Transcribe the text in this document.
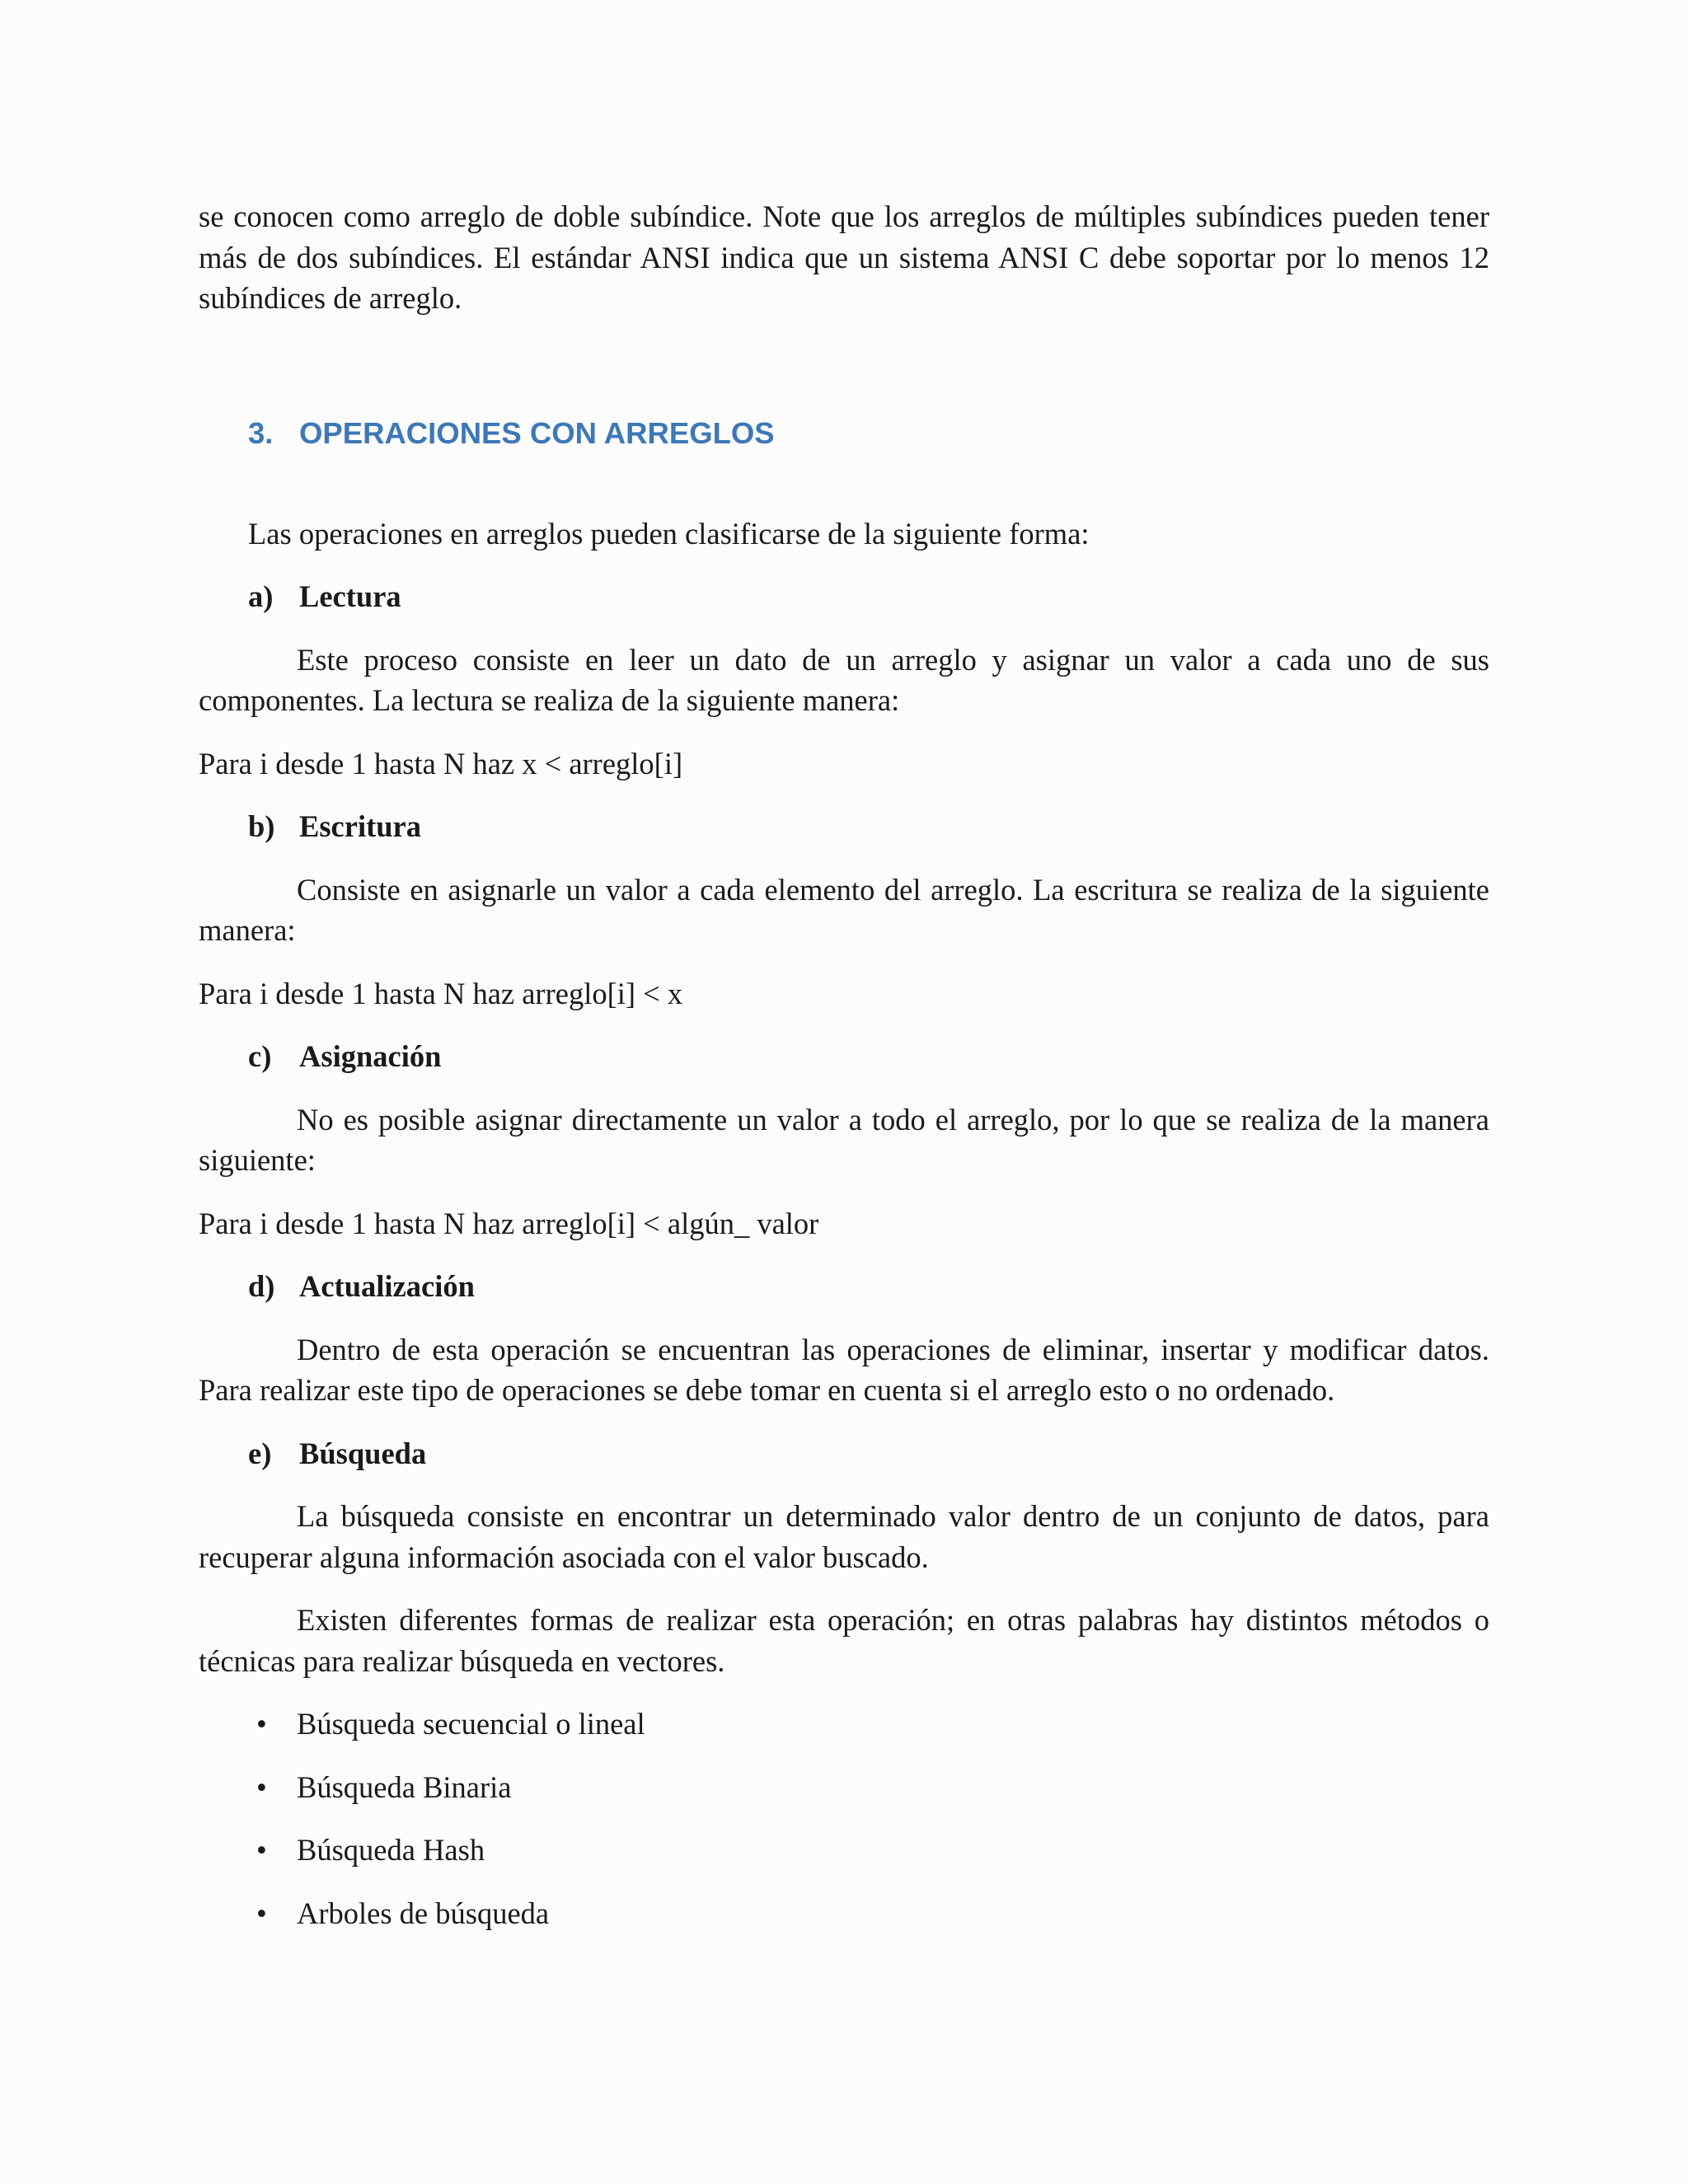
se conocen como arreglo de doble subíndice. Note que los arreglos de múltiples subíndices pueden tener más de dos subíndices. El estándar ANSI indica que un sistema ANSI C debe soportar por lo menos 12 subíndices de arreglo.

3. OPERACIONES CON ARREGLOS

Las operaciones en arreglos pueden clasificarse de la siguiente forma:

a) Lectura

Este proceso consiste en leer un dato de un arreglo y asignar un valor a cada uno de sus componentes. La lectura se realiza de la siguiente manera:

Para i desde 1 hasta N haz x < arreglo[i]

b) Escritura

Consiste en asignarle un valor a cada elemento del arreglo. La escritura se realiza de la siguiente manera:

Para i desde 1 hasta N haz arreglo[i] < x

c) Asignación

No es posible asignar directamente un valor a todo el arreglo, por lo que se realiza de la manera siguiente:

Para i desde 1 hasta N haz arreglo[i] < algún_ valor

d) Actualización

Dentro de esta operación se encuentran las operaciones de eliminar, insertar y modificar datos. Para realizar este tipo de operaciones se debe tomar en cuenta si el arreglo esto o no ordenado.

e) Búsqueda

La búsqueda consiste en encontrar un determinado valor dentro de un conjunto de datos, para recuperar alguna información asociada con el valor buscado.

Existen diferentes formas de realizar esta operación; en otras palabras hay distintos métodos o técnicas para realizar búsqueda en vectores.

• Búsqueda secuencial o lineal
• Búsqueda Binaria
• Búsqueda Hash
• Arboles de búsqueda
